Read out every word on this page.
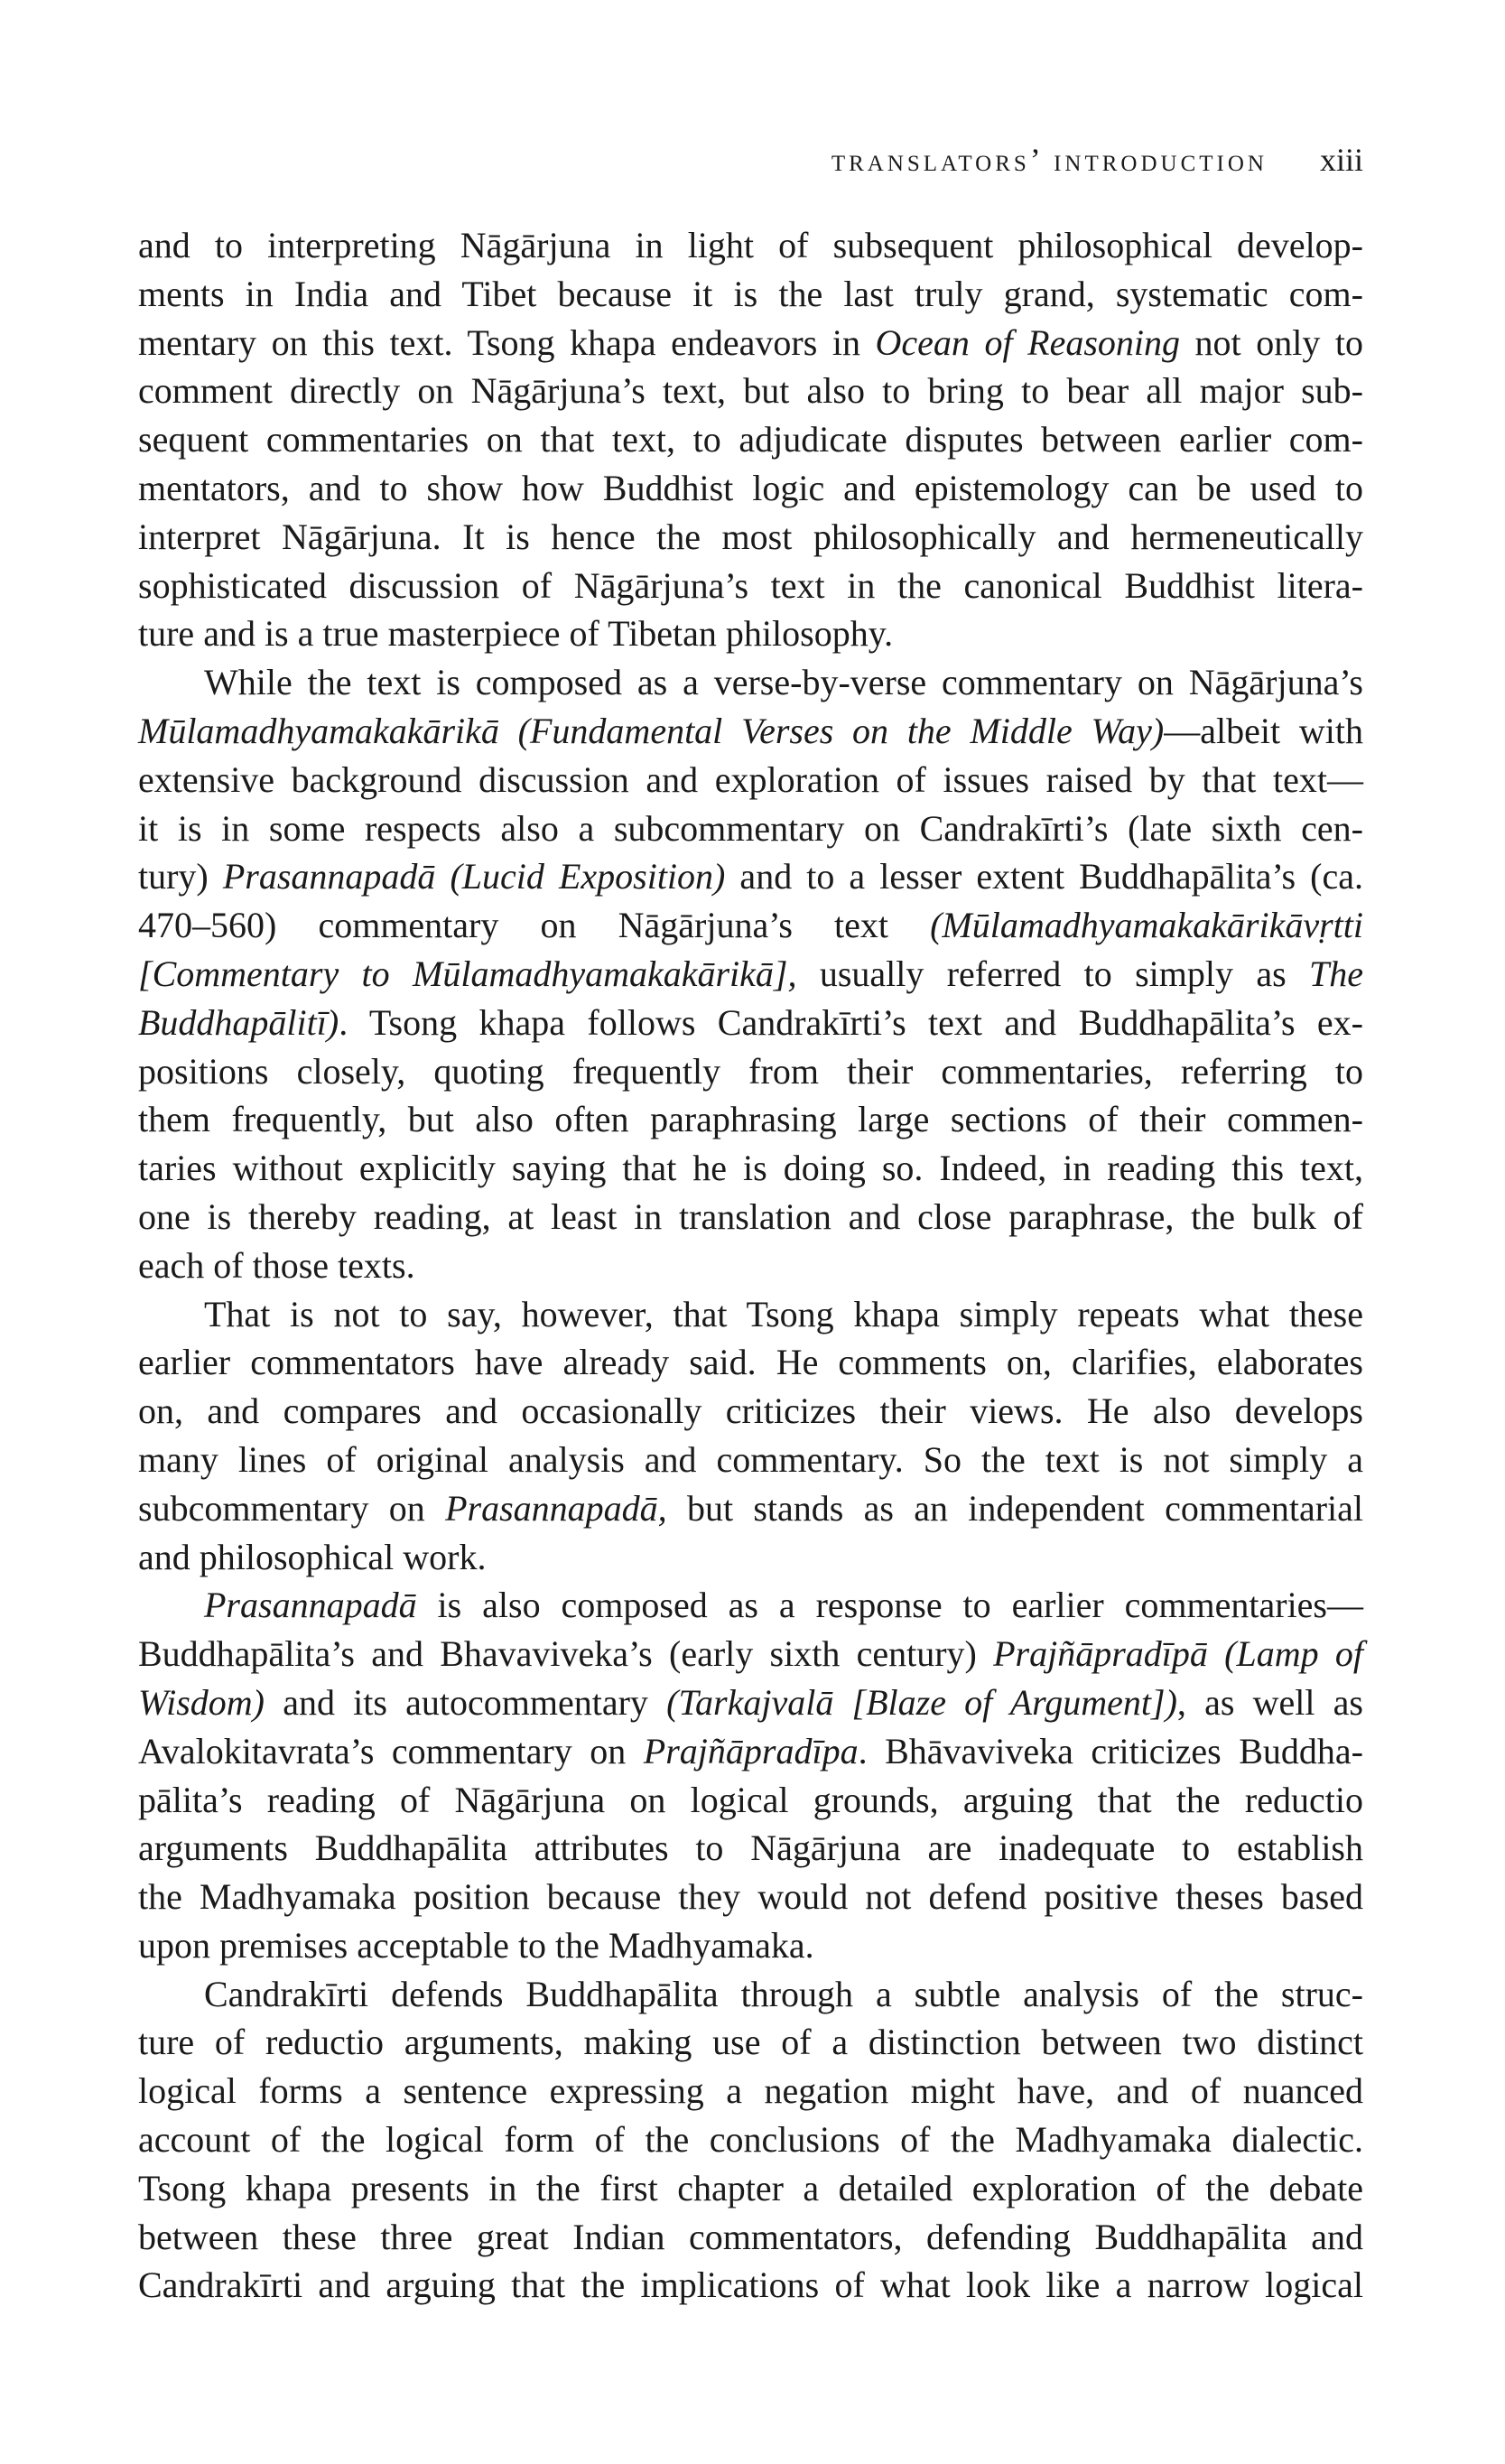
translators’ introduction xiii
and to interpreting Nāgārjuna in light of subsequent philosophical develop-
ments in India and Tibet because it is the last truly grand, systematic com-
mentary on this text. Tsong khapa endeavors in Ocean of Reasoning not only to
comment directly on Nāgārjuna’s text, but also to bring to bear all major sub-
sequent commentaries on that text, to adjudicate disputes between earlier com-
mentators, and to show how Buddhist logic and epistemology can be used to
interpret Nāgārjuna. It is hence the most philosophically and hermeneutically
sophisticated discussion of Nāgārjuna’s text in the canonical Buddhist litera-
ture and is a true masterpiece of Tibetan philosophy.
While the text is composed as a verse-by-verse commentary on Nāgārjuna’s
Mūlamadhyamakakārikā (Fundamental Verses on the Middle Way)—albeit with
extensive background discussion and exploration of issues raised by that text—
it is in some respects also a subcommentary on Candrakīrti’s (late sixth cen-
tury) Prasannapadā (Lucid Exposition) and to a lesser extent Buddhapālita’s (ca.
470–560) commentary on Nāgārjuna’s text (Mūlamadhyamakakārikāvṛtti
[Commentary to Mūlamadhyamakakārikā], usually referred to simply as The
Buddhapālitī). Tsong khapa follows Candrakīrti’s text and Buddhapālita’s ex-
positions closely, quoting frequently from their commentaries, referring to
them frequently, but also often paraphrasing large sections of their commen-
taries without explicitly saying that he is doing so. Indeed, in reading this text,
one is thereby reading, at least in translation and close paraphrase, the bulk of
each of those texts.
That is not to say, however, that Tsong khapa simply repeats what these
earlier commentators have already said. He comments on, clarifies, elaborates
on, and compares and occasionally criticizes their views. He also develops
many lines of original analysis and commentary. So the text is not simply a
subcommentary on Prasannapadā, but stands as an independent commentarial
and philosophical work.
Prasannapadā is also composed as a response to earlier commentaries—
Buddhapālita’s and Bhavaviveka’s (early sixth century) Prajñāpradīpā (Lamp of
Wisdom) and its autocommentary (Tarkajvalā [Blaze of Argument]), as well as
Avalokitavrata’s commentary on Prajñāpradīpa. Bhāvaviveka criticizes Buddha-
pālita’s reading of Nāgārjuna on logical grounds, arguing that the reductio
arguments Buddhapālita attributes to Nāgārjuna are inadequate to establish
the Madhyamaka position because they would not defend positive theses based
upon premises acceptable to the Madhyamaka.
Candrakīrti defends Buddhapālita through a subtle analysis of the struc-
ture of reductio arguments, making use of a distinction between two distinct
logical forms a sentence expressing a negation might have, and of nuanced
account of the logical form of the conclusions of the Madhyamaka dialectic.
Tsong khapa presents in the first chapter a detailed exploration of the debate
between these three great Indian commentators, defending Buddhapālita and
Candrakīrti and arguing that the implications of what look like a narrow logical
